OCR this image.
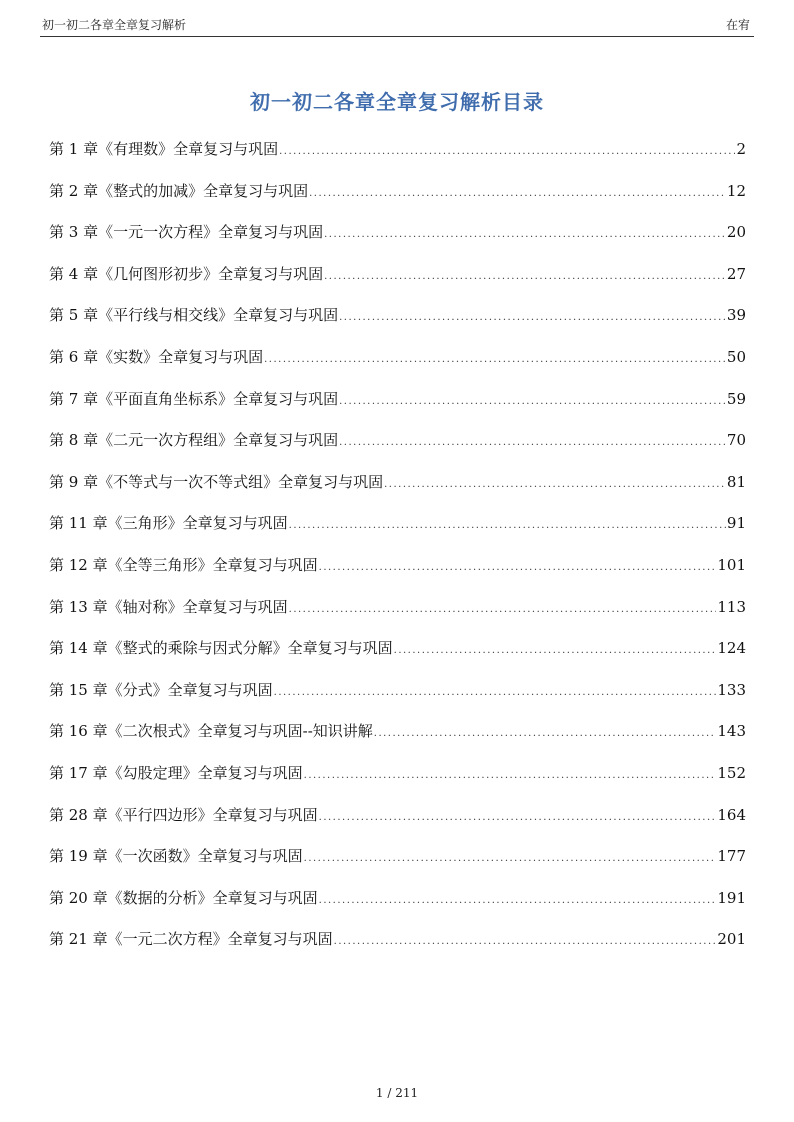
初一初二各章全章复习解析	在宥
初一初二各章全章复习解析目录
第 1 章 《有理数》全章复习与巩固 .....	2
第 2 章 《整式的加减》全章复习与巩固 .....	12
第 3 章 《一元一次方程》全章复习与巩固 .....	20
第 4 章 《几何图形初步》全章复习与巩固 .....	27
第 5 章 《平行线与相交线》全章复习与巩固 .....	39
第 6 章 《实数》全章复习与巩固 .....	50
第 7 章 《平面直角坐标系》全章复习与巩固 .....	59
第 8 章 《二元一次方程组》全章复习与巩固 .....	70
第 9 章 《不等式与一次不等式组》全章复习与巩固 .....	81
第 11 章 《三角形》全章复习与巩固 .....	91
第 12 章 《全等三角形》全章复习与巩固 .....	101
第 13 章 《轴对称》全章复习与巩固 .....	113
第 14 章 《整式的乘除与因式分解》全章复习与巩固 .....	124
第 15 章 《分式》全章复习与巩固 .....	133
第 16 章 《二次根式》全章复习与巩固--知识讲解 .....	143
第 17 章 《勾股定理》全章复习与巩固 .....	152
第 28 章 《平行四边形》全章复习与巩固 .....	164
第 19 章 《一次函数》全章复习与巩固 .....	177
第 20 章 《数据的分析》全章复习与巩固 .....	191
第 21 章 《一元二次方程》全章复习与巩固 .....	201
1 / 211
